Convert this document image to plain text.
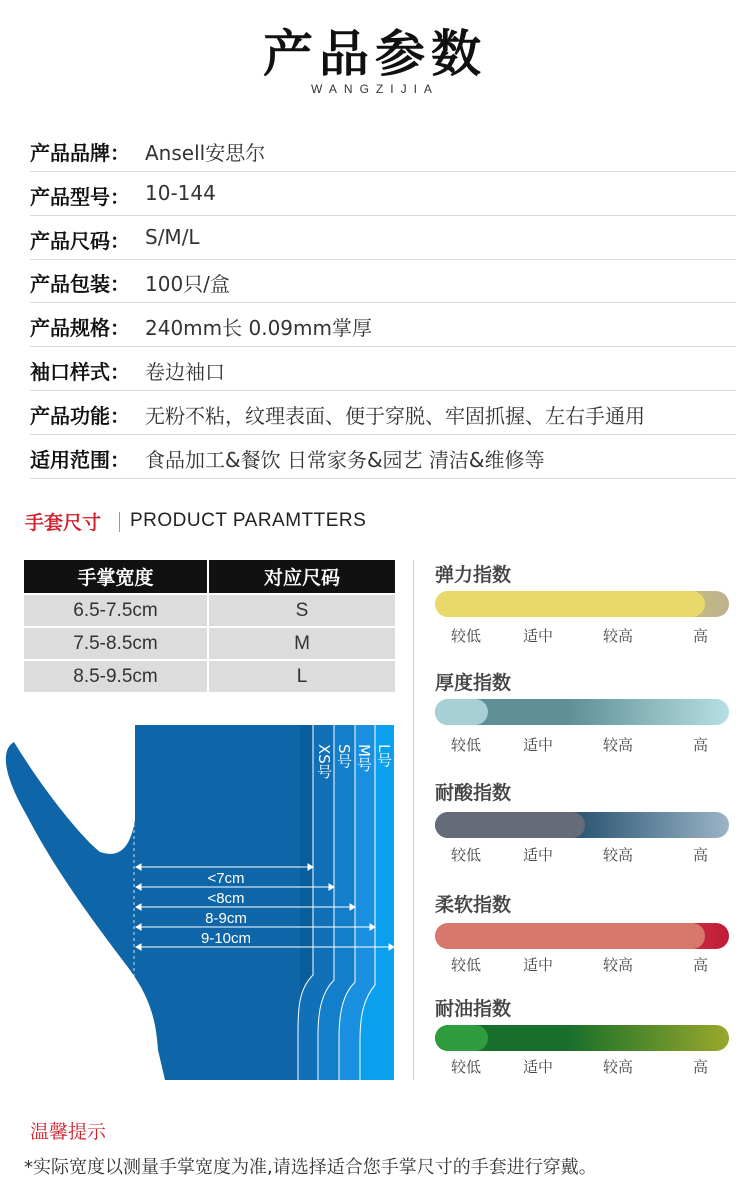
产品参数
WANGZIJIA
产品品牌： Ansell安思尔
产品型号： 10-144
产品尺码： S/M/L
产品包装： 100只/盒
产品规格： 240mm长 0.09mm掌厚
袖口样式： 卷边袖口
产品功能： 无粉不粘，纹理表面、便于穿脱、牢固抓握、左右手通用
适用范围： 食品加工&餐饮 日常家务&园艺 清洁&维修等
手套尺寸 PRODUCT PARAMTTERS
手掌宽度	对应尺码
6.5-7.5cm	S
7.5-8.5cm	M
8.5-9.5cm	L
XS号 S号 M号 L号
<7cm
<8cm
8-9cm
9-10cm
弹力指数
较低	适中	较高	高
厚度指数
较低	适中	较高	高
耐酸指数
较低	适中	较高	高
柔软指数
较低	适中	较高	高
耐油指数
较低	适中	较高	高
温馨提示
*实际宽度以测量手掌宽度为准,请选择适合您手掌尺寸的手套进行穿戴。
